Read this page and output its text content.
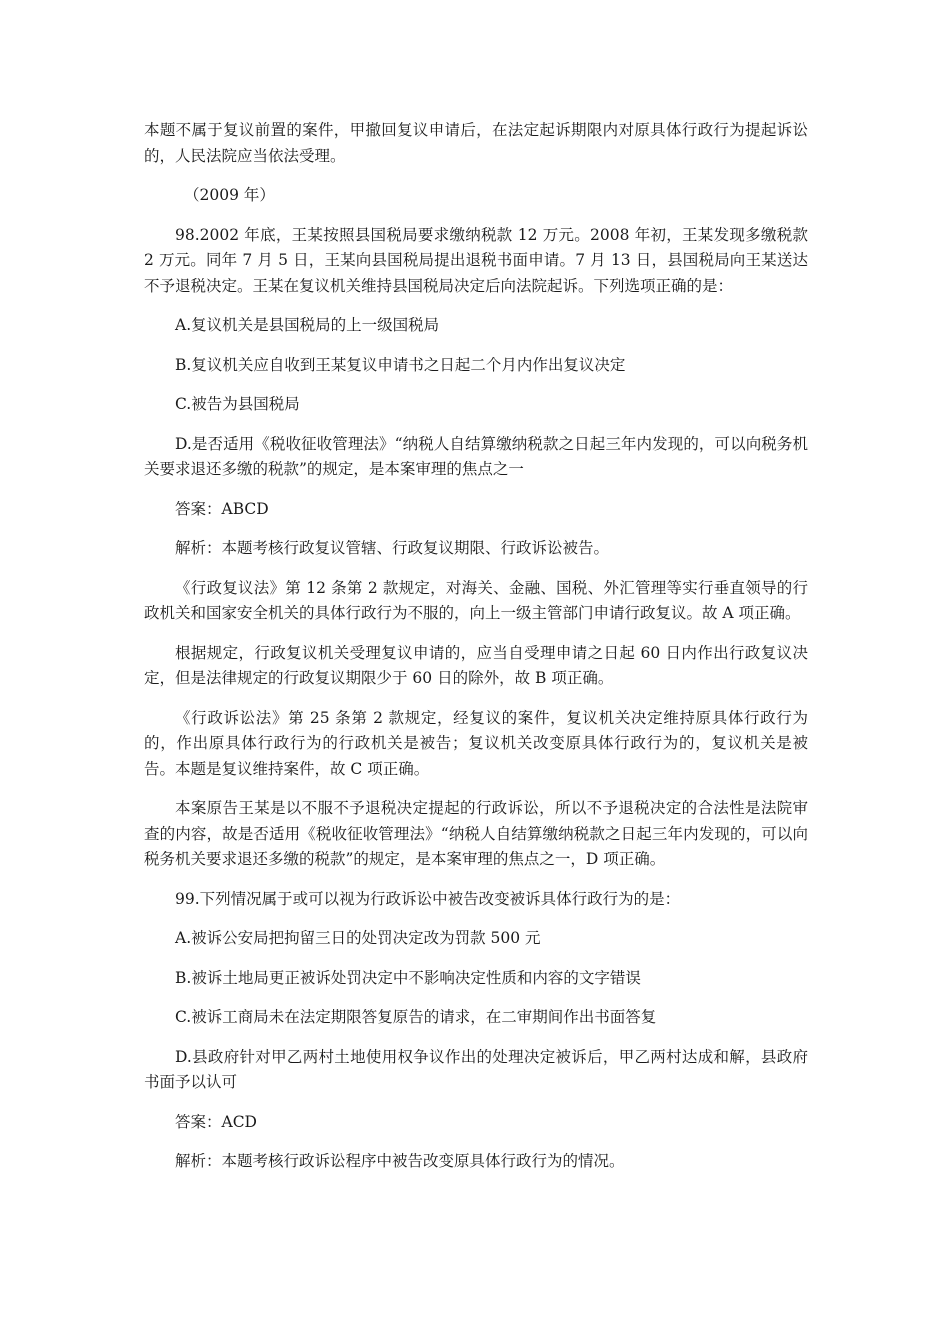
本题不属于复议前置的案件，甲撤回复议申请后，在法定起诉期限内对原具体行政行为提起诉讼的，人民法院应当依法受理。

（2009 年）

98.2002 年底，王某按照县国税局要求缴纳税款 12 万元。2008 年初，王某发现多缴税款 2 万元。同年 7 月 5 日，王某向县国税局提出退税书面申请。7 月 13 日，县国税局向王某送达不予退税决定。王某在复议机关维持县国税局决定后向法院起诉。下列选项正确的是：

A.复议机关是县国税局的上一级国税局

B.复议机关应自收到王某复议申请书之日起二个月内作出复议决定

C.被告为县国税局

D.是否适用《税收征收管理法》“纳税人自结算缴纳税款之日起三年内发现的，可以向税务机关要求退还多缴的税款”的规定，是本案审理的焦点之一

答案：ABCD

解析：本题考核行政复议管辖、行政复议期限、行政诉讼被告。

《行政复议法》第 12 条第 2 款规定，对海关、金融、国税、外汇管理等实行垂直领导的行政机关和国家安全机关的具体行政行为不服的，向上一级主管部门申请行政复议。故 A 项正确。

根据规定，行政复议机关受理复议申请的，应当自受理申请之日起 60 日内作出行政复议决定，但是法律规定的行政复议期限少于 60 日的除外，故 B 项正确。

《行政诉讼法》第 25 条第 2 款规定，经复议的案件，复议机关决定维持原具体行政行为的，作出原具体行政行为的行政机关是被告；复议机关改变原具体行政行为的，复议机关是被告。本题是复议维持案件，故 C 项正确。

本案原告王某是以不服不予退税决定提起的行政诉讼，所以不予退税决定的合法性是法院审查的内容，故是否适用《税收征收管理法》“纳税人自结算缴纳税款之日起三年内发现的，可以向税务机关要求退还多缴的税款”的规定，是本案审理的焦点之一，D 项正确。

99.下列情况属于或可以视为行政诉讼中被告改变被诉具体行政行为的是：

A.被诉公安局把拘留三日的处罚决定改为罚款 500 元

B.被诉土地局更正被诉处罚决定中不影响决定性质和内容的文字错误

C.被诉工商局未在法定期限答复原告的请求，在二审期间作出书面答复

D.县政府针对甲乙两村土地使用权争议作出的处理决定被诉后，甲乙两村达成和解，县政府书面予以认可

答案：ACD

解析：本题考核行政诉讼程序中被告改变原具体行政行为的情况。
